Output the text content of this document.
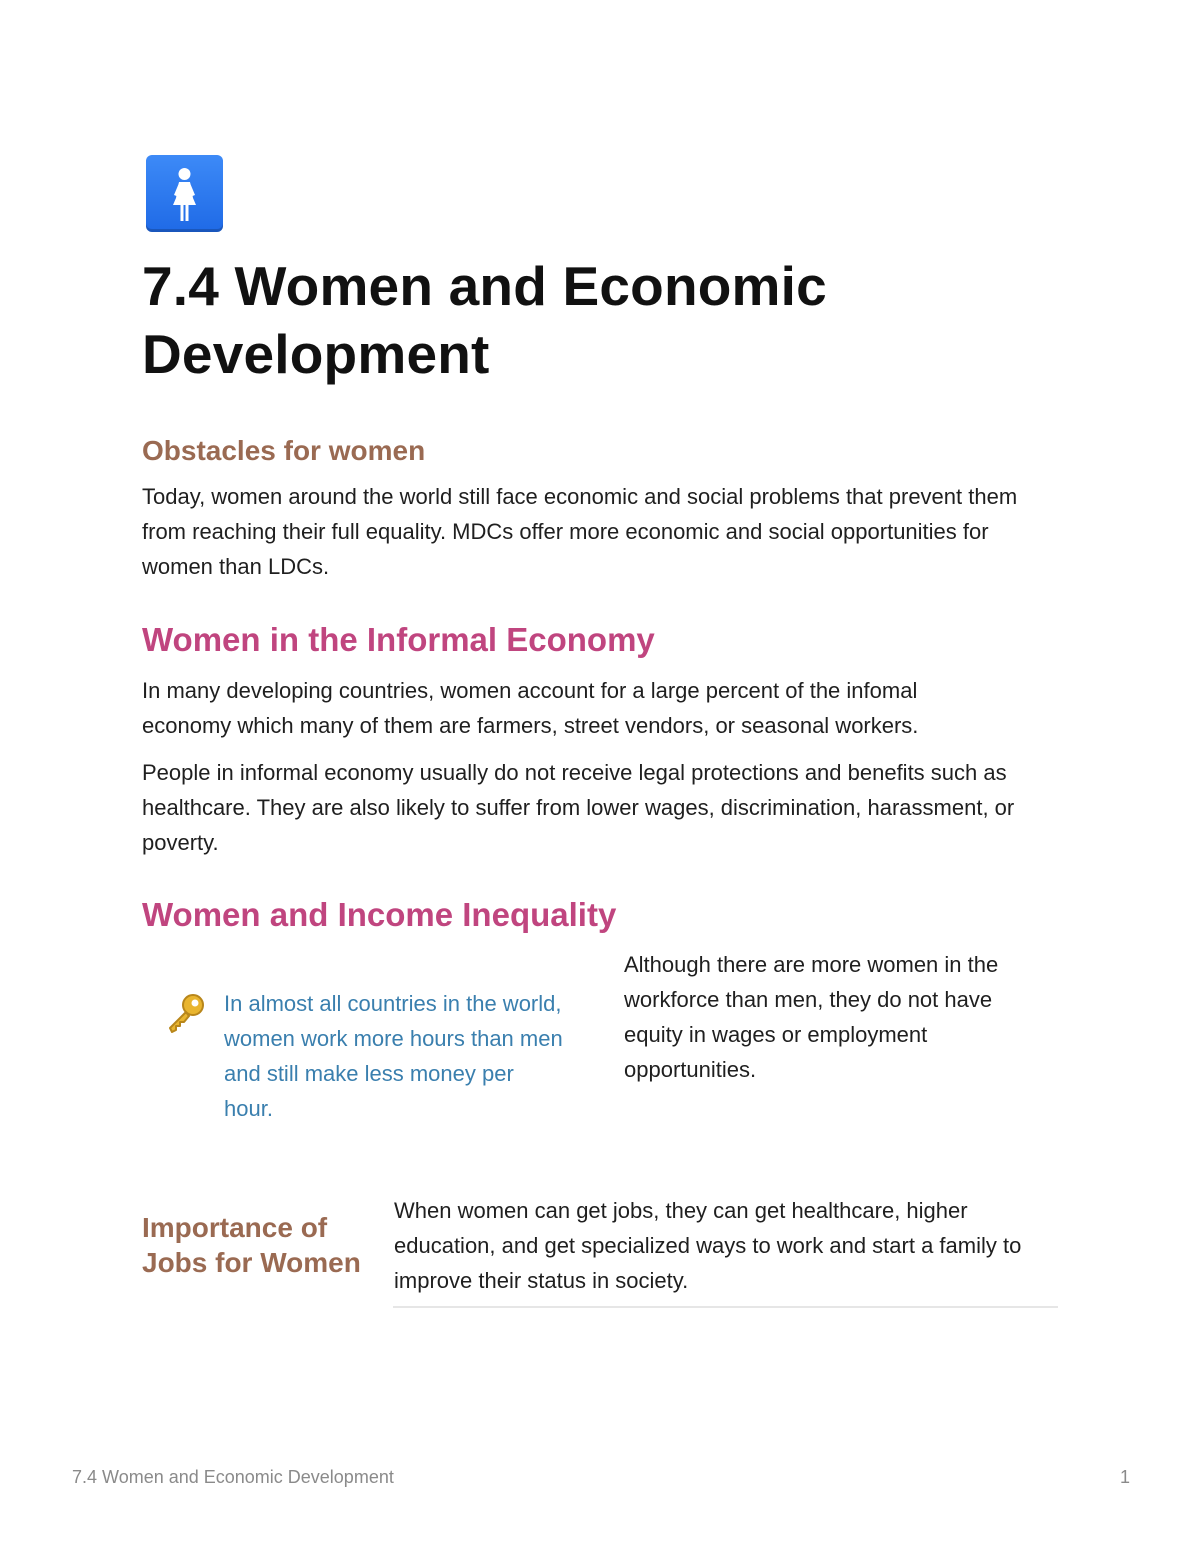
7.4 Women and Economic Development
Obstacles for women

Today, women around the world still face economic and social problems that prevent them from reaching their full equality. MDCs offer more economic and social opportunities for women than LDCs.

Women in the Informal Economy

In many developing countries, women account for a large percent of the infomal economy which many of them are farmers, street vendors, or seasonal workers.

People in informal economy usually do not receive legal protections and benefits such as healthcare. They are also likely to suffer from lower wages, discrimination, harassment, or poverty.

Women and Income Inequality

In almost all countries in the world, women work more hours than men and still make less money per hour.

Although there are more women in the workforce than men, they do not have equity in wages or employment opportunities.

Importance of Jobs for Women

When women can get jobs, they can get healthcare, higher education, and get specialized ways to work and start a family to improve their status in society.

7.4 Women and Economic Development	1
